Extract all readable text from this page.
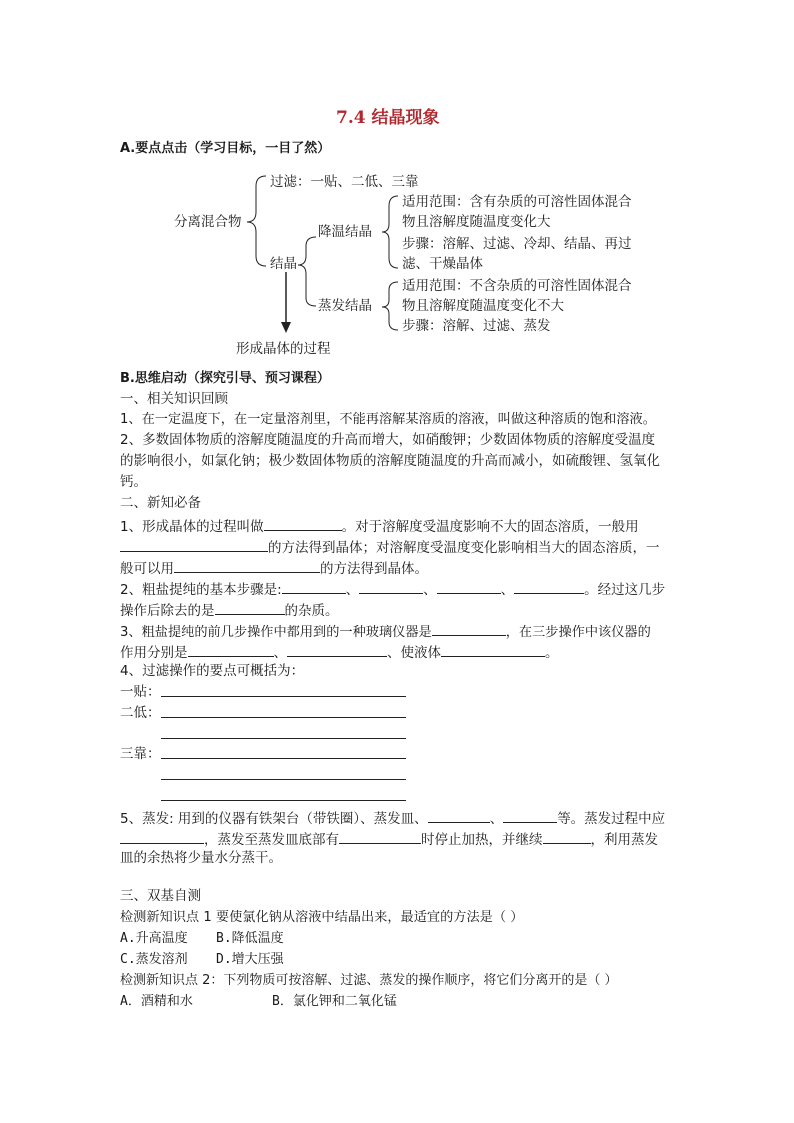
7.4 结晶现象
A.要点点击（学习目标，一目了然）
分离混合物
过滤：一贴、二低、三靠
结晶
降温结晶
适用范围：含有杂质的可溶性固体混合
物且溶解度随温度变化大
步骤：溶解、过滤、冷却、结晶、再过
滤、干燥晶体
蒸发结晶
适用范围：不含杂质的可溶性固体混合
物且溶解度随温度变化不大
步骤：溶解、过滤、蒸发
形成晶体的过程
B.思维启动（探究引导、预习课程）
一、相关知识回顾
1、在一定温度下，在一定量溶剂里，不能再溶解某溶质的溶液，叫做这种溶质的饱和溶液。
2、多数固体物质的溶解度随温度的升高而增大，如硝酸钾；少数固体物质的溶解度受温度
的影响很小，如氯化钠；极少数固体物质的溶解度随温度的升高而减小，如硫酸锂、氢氧化
钙。
二、新知必备
1、形成晶体的过程叫做	。对于溶解度受温度影响不大的固态溶质，一般用
的方法得到晶体；对溶解度受温度变化影响相当大的固态溶质，一
般可以用	的方法得到晶体。
2、粗盐提纯的基本步骤是:	、	、	、	。经过这几步
操作后除去的是	的杂质。
3、粗盐提纯的前几步操作中都用到的一种玻璃仪器是	，在三步操作中该仪器的
作用分别是	、	、使液体	。
4、过滤操作的要点可概括为：
一贴：
二低：
三靠：
5、蒸发: 用到的仪器有铁架台（带铁圈）、蒸发皿、	、	等。蒸发过程中应
，蒸发至蒸发皿底部有	时停止加热，并继续	，利用蒸发
皿的余热将少量水分蒸干。
三、双基自测
检测新知识点 1 要使氯化钠从溶液中结晶出来，最适宜的方法是（ ）
A.升高温度 B.降低温度
C.蒸发溶剂 D.增大压强
检测新知识点 2：下列物质可按溶解、过滤、蒸发的操作顺序，将它们分离开的是（ ）
A．酒精和水	B．氯化钾和二氧化锰
